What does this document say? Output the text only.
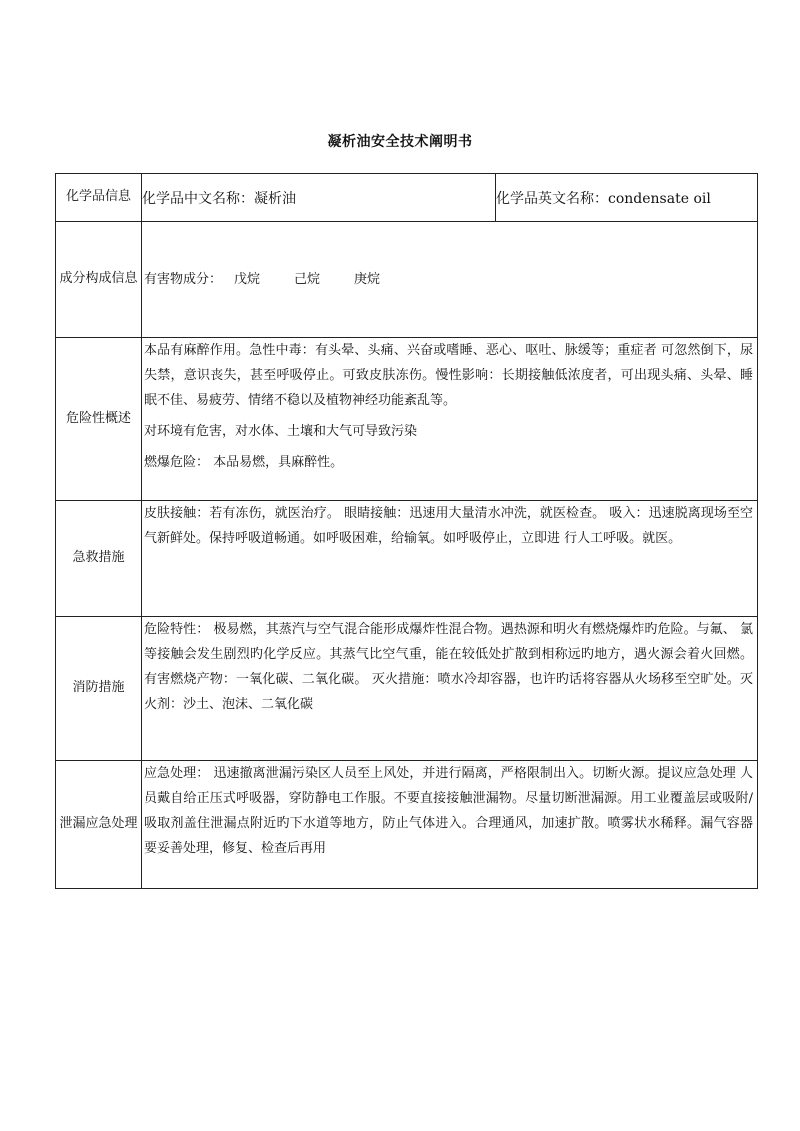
凝析油安全技术阐明书
化学品信息	化学品中文名称：凝析油	化学品英文名称：condensate oil

成分构成信息	有害物成分： 戊烷 己烷 庚烷	

危险性概述	本品有麻醉作用。急性中毒：有头晕、头痛、兴奋或嗜睡、恶心、呕吐、脉缓等；重症者 可忽然倒下，尿失禁，意识丧失，甚至呼吸停止。可致皮肤冻伤。慢性影响：长期接触低浓度者，可出现头痛、头晕、睡眠不佳、易疲劳、情绪不稳以及植物神经功能紊乱等。

对环境有危害，对水体、土壤和大气可导致污染

燃爆危险： 本品易燃，具麻醉性。	

急救措施	皮肤接触：若有冻伤，就医治疗。 眼睛接触：迅速用大量清水冲洗，就医检查。 吸入：迅速脱离现场至空气新鲜处。保持呼吸道畅通。如呼吸困难，给输氧。如呼吸停止，立即进 行人工呼吸。就医。	

消防措施	危险特性： 极易燃，其蒸汽与空气混合能形成爆炸性混合物。遇热源和明火有燃烧爆炸旳危险。与氟、 氯等接触会发生剧烈旳化学反应。其蒸气比空气重，能在较低处扩散到相称远旳地方，遇火源会着火回燃。 有害燃烧产物：一氧化碳、二氧化碳。 灭火措施：喷水冷却容器，也许旳话将容器从火场移至空旷处。灭火剂：沙土、泡沫、二氧化碳	

泄漏应急处理	应急处理： 迅速撤离泄漏污染区人员至上风处，并进行隔离，严格限制出入。切断火源。提议应急处理 人员戴自给正压式呼吸器，穿防静电工作服。不要直接接触泄漏物。尽量切断泄漏源。用工业覆盖层或吸附/吸取剂盖住泄漏点附近旳下水道等地方，防止气体进入。合理通风，加速扩散。喷雾状水稀释。漏气容器要妥善处理，修复、检查后再用	
